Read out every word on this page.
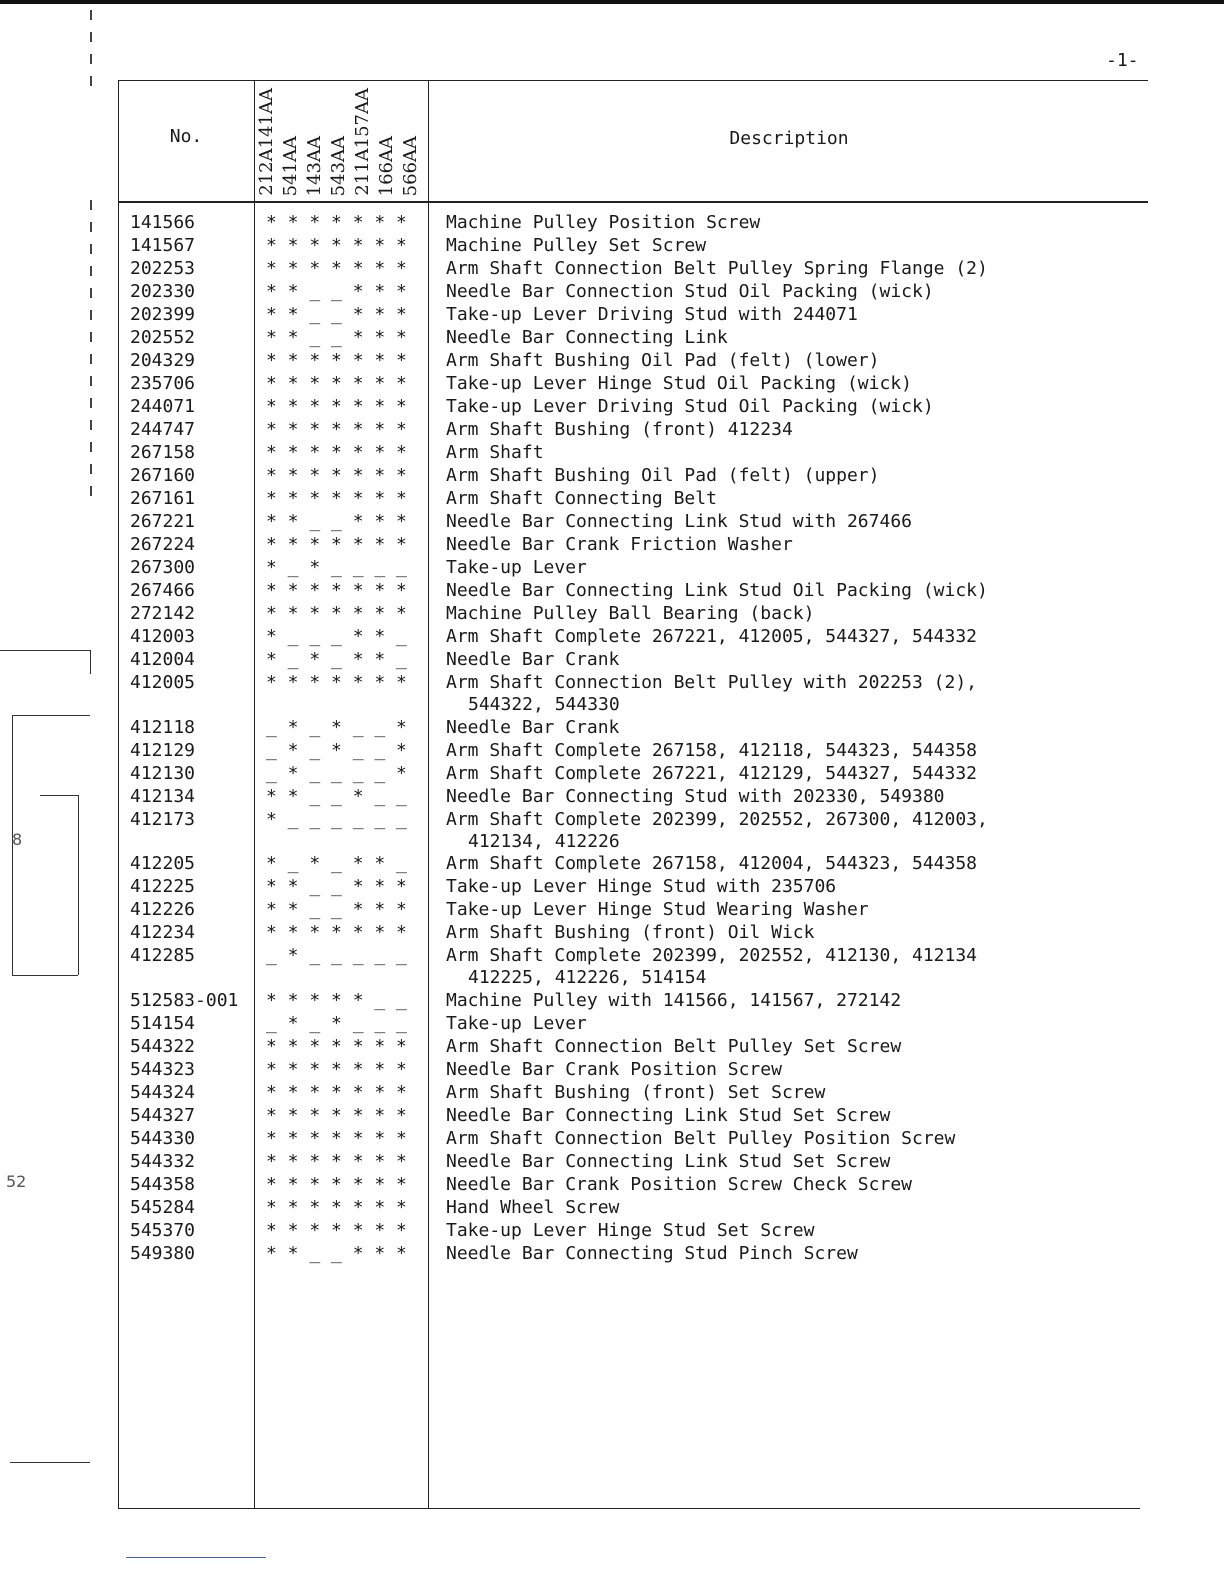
-1-
8
52
No.	Description
212A141AA 541AA 143AA 543AA 211A157AA 166AA 566AA
141566	* * * * * * * Machine Pulley Position Screw
141567	* * * * * * * Machine Pulley Set Screw
202253	* * * * * * * Arm Shaft Connection Belt Pulley Spring Flange (2)
202330	* * _ _ * * * Needle Bar Connection Stud Oil Packing (wick)
202399	* * _ _ * * * Take-up Lever Driving Stud with 244071
202552	* * _ _ * * * Needle Bar Connecting Link
204329	* * * * * * * Arm Shaft Bushing Oil Pad (felt) (lower)
235706	* * * * * * * Take-up Lever Hinge Stud Oil Packing (wick)
244071	* * * * * * * Take-up Lever Driving Stud Oil Packing (wick)
244747	* * * * * * * Arm Shaft Bushing (front) 412234
267158	* * * * * * * Arm Shaft
267160	* * * * * * * Arm Shaft Bushing Oil Pad (felt) (upper)
267161	* * * * * * * Arm Shaft Connecting Belt
267221	* * _ _ * * * Needle Bar Connecting Link Stud with 267466
267224	* * * * * * * Needle Bar Crank Friction Washer
267300	* _ * _ _ _ _ Take-up Lever
267466	* * * * * * * Needle Bar Connecting Link Stud Oil Packing (wick)
272142	* * * * * * * Machine Pulley Ball Bearing (back)
412003	* _ _ _ * * _ Arm Shaft Complete 267221, 412005, 544327, 544332
412004	* _ * _ * * _ Needle Bar Crank
412005	* * * * * * * Arm Shaft Connection Belt Pulley with 202253 (2),
544322, 544330
412118	_ * _ * _ _ * Needle Bar Crank
412129	_ * _ * _ _ * Arm Shaft Complete 267158, 412118, 544323, 544358
412130	_ * _ _ _ _ * Arm Shaft Complete 267221, 412129, 544327, 544332
412134	* * _ _ * _ _ Needle Bar Connecting Stud with 202330, 549380
412173	* _ _ _ _ _ _ Arm Shaft Complete 202399, 202552, 267300, 412003,
412134, 412226
412205	* _ * _ * * _ Arm Shaft Complete 267158, 412004, 544323, 544358
412225	* * _ _ * * * Take-up Lever Hinge Stud with 235706
412226	* * _ _ * * * Take-up Lever Hinge Stud Wearing Washer
412234	* * * * * * * Arm Shaft Bushing (front) Oil Wick
412285	_ * _ _ _ _ _ Arm Shaft Complete 202399, 202552, 412130, 412134
412225, 412226, 514154
512583-001 * * * * * _ _ Machine Pulley with 141566, 141567, 272142
514154	_ * _ * _ _ _ Take-up Lever
544322	* * * * * * * Arm Shaft Connection Belt Pulley Set Screw
544323	* * * * * * * Needle Bar Crank Position Screw
544324	* * * * * * * Arm Shaft Bushing (front) Set Screw
544327	* * * * * * * Needle Bar Connecting Link Stud Set Screw
544330	* * * * * * * Arm Shaft Connection Belt Pulley Position Screw
544332	* * * * * * * Needle Bar Connecting Link Stud Set Screw
544358	* * * * * * * Needle Bar Crank Position Screw Check Screw
545284	* * * * * * * Hand Wheel Screw
545370	* * * * * * * Take-up Lever Hinge Stud Set Screw
549380	* * _ _ * * * Needle Bar Connecting Stud Pinch Screw
